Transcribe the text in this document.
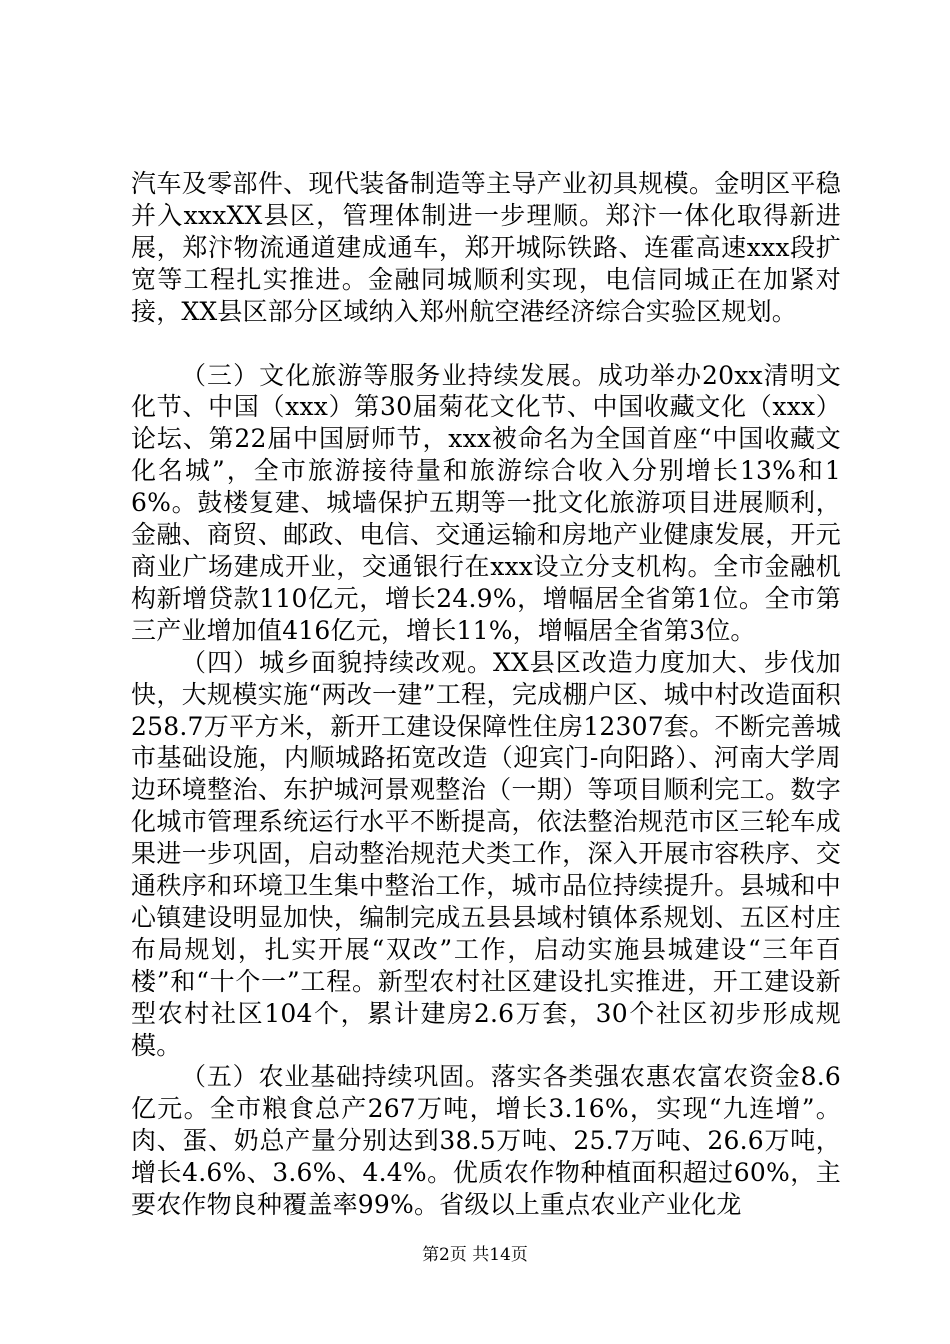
汽车及零部件、现代装备制造等主导产业初具规模。金明区平稳并入xxxXX县区，管理体制进一步理顺。郑汴一体化取得新进展，郑汴物流通道建成通车，郑开城际铁路、连霍高速xxx段扩宽等工程扎实推进。金融同城顺利实现，电信同城正在加紧对接，XX县区部分区域纳入郑州航空港经济综合实验区规划。

（三）文化旅游等服务业持续发展。成功举办20xx清明文化节、中国（xxx）第30届菊花文化节、中国收藏文化（xxx）论坛、第22届中国厨师节，xxx被命名为全国首座“中国收藏文化名城”，全市旅游接待量和旅游综合收入分别增长13%和16%。鼓楼复建、城墙保护五期等一批文化旅游项目进展顺利，金融、商贸、邮政、电信、交通运输和房地产业健康发展，开元商业广场建成开业，交通银行在xxx设立分支机构。全市金融机构新增贷款110亿元，增长24.9%，增幅居全省第1位。全市第三产业增加值416亿元，增长11%，增幅居全省第3位。

（四）城乡面貌持续改观。XX县区改造力度加大、步伐加快，大规模实施“两改一建”工程，完成棚户区、城中村改造面积258.7万平方米，新开工建设保障性住房12307套。不断完善城市基础设施，内顺城路拓宽改造（迎宾门-向阳路）、河南大学周边环境整治、东护城河景观整治（一期）等项目顺利完工。数字化城市管理系统运行水平不断提高，依法整治规范市区三轮车成果进一步巩固，启动整治规范犬类工作，深入开展市容秩序、交通秩序和环境卫生集中整治工作，城市品位持续提升。县城和中心镇建设明显加快，编制完成五县县域村镇体系规划、五区村庄布局规划，扎实开展“双改”工作，启动实施县城建设“三年百楼”和“十个一”工程。新型农村社区建设扎实推进，开工建设新型农村社区104个，累计建房2.6万套，30个社区初步形成规模。

（五）农业基础持续巩固。落实各类强农惠农富农资金8.6亿元。全市粮食总产267万吨，增长3.16%，实现“九连增”。肉、蛋、奶总产量分别达到38.5万吨、25.7万吨、26.6万吨，增长4.6%、3.6%、4.4%。优质农作物种植面积超过60%，主要农作物良种覆盖率99%。省级以上重点农业产业化龙

第2页 共14页
